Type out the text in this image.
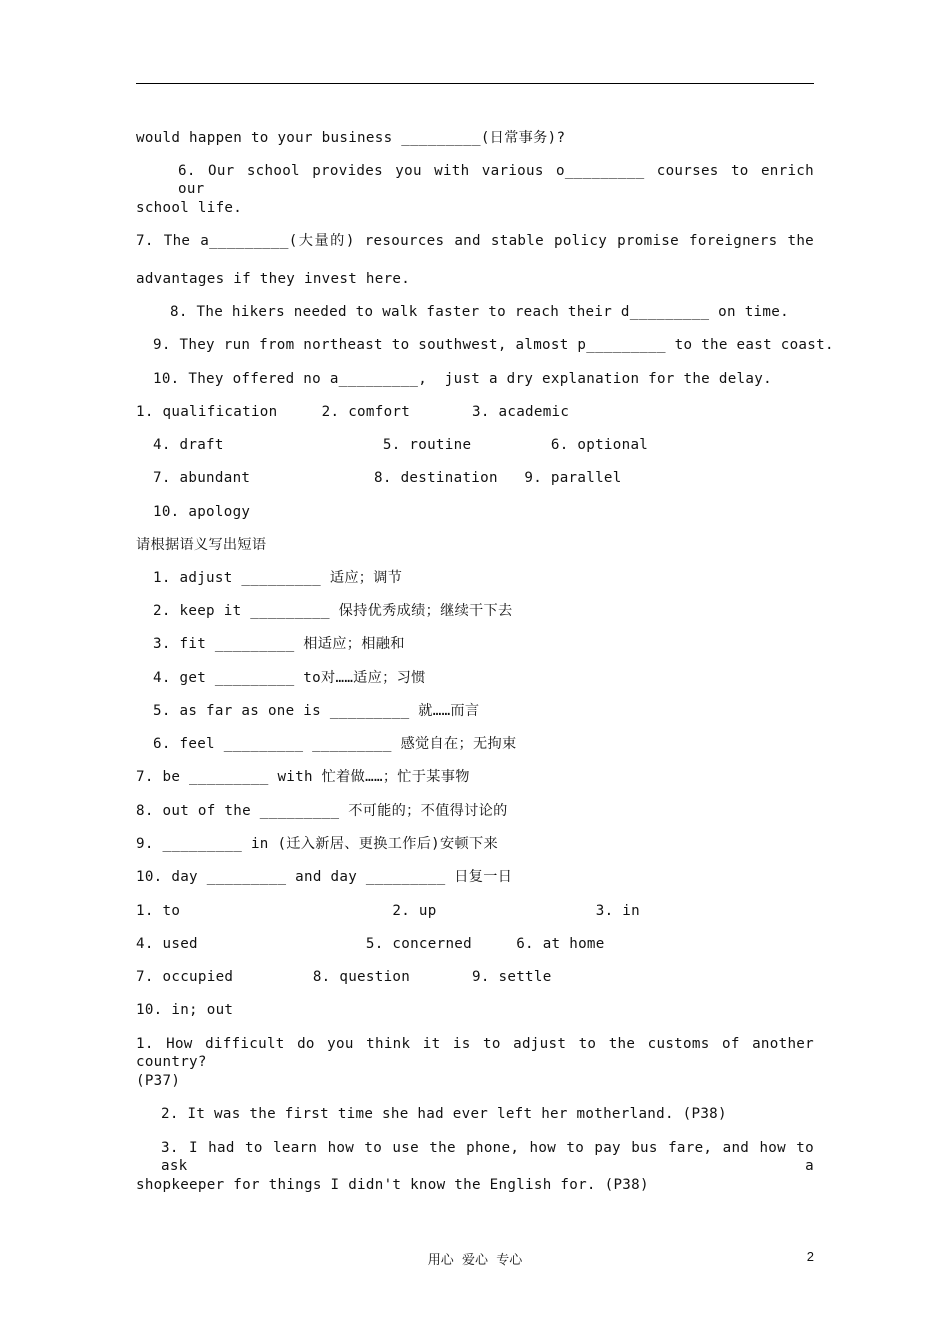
would happen to your business _________(日常事务)?
6. Our school provides you with various o_________ courses to enrich our
school life.
7. The a_________(大量的) resources and stable policy promise foreigners the
advantages if they invest here.
8. The hikers needed to walk faster to reach their d_________ on time.
9. They run from northeast to southwest, almost p_________ to the east coast.
10. They offered no a_________,  just a dry explanation for the delay.
1. qualification     2. comfort       3. academic
4. draft                  5. routine         6. optional
7. abundant              8. destination   9. parallel
10. apology
请根据语义写出短语
1. adjust _________ 适应；调节
2. keep it _________ 保持优秀成绩；继续干下去
3. fit _________ 相适应；相融和
4. get _________ to对……适应；习惯
5. as far as one is _________ 就……而言
6. feel _________ _________ 感觉自在；无拘束
7. be _________ with 忙着做……；忙于某事物
8. out of the _________ 不可能的；不值得讨论的
9. _________ in (迁入新居、更换工作后)安顿下来
10. day _________ and day _________ 日复一日
1. to                        2. up                  3. in
4. used                   5. concerned     6. at home
7. occupied         8. question       9. settle
10. in; out
1. How difficult do you think it is to adjust to the customs of another country?
(P37)
2. It was the first time she had ever left her motherland. (P38)
3. I had to learn how to use the phone, how to pay bus fare, and how to ask a
shopkeeper for things I didn't know the English for. (P38)
用心  爱心  专心	2
